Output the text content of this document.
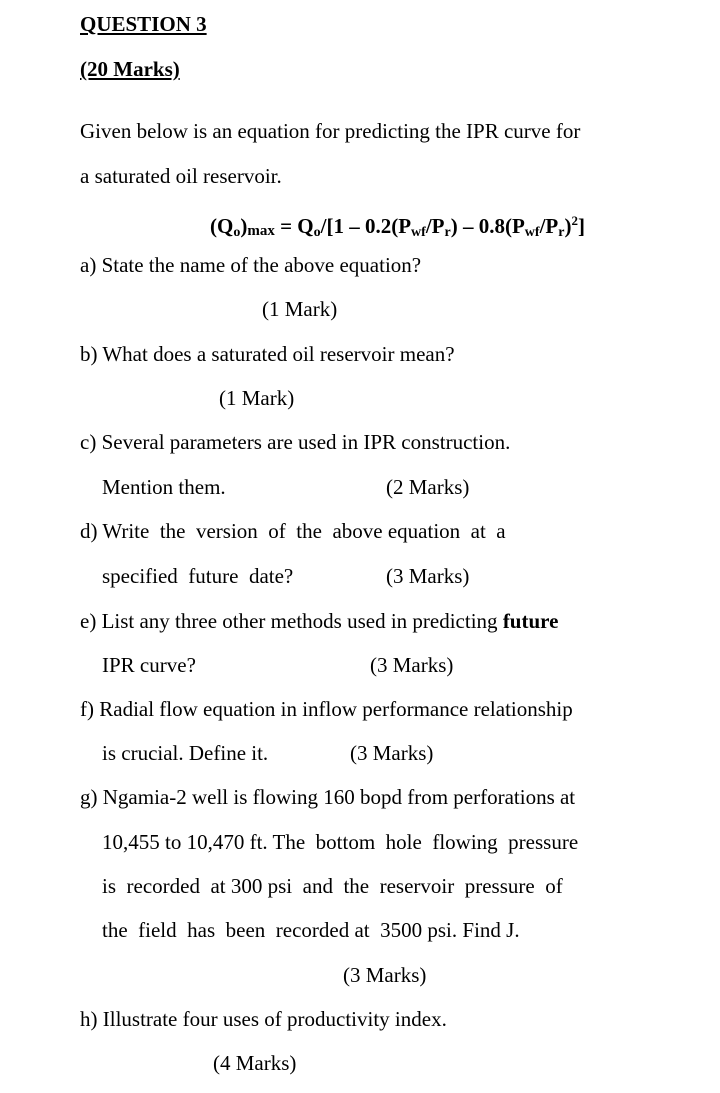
QUESTION 3
(20 Marks)
Given below is an equation for predicting the IPR curve for
a saturated oil reservoir.
$(Q_o)_{max} = Q_o/[1 - 0.2(P_{wf}/P_r) - 0.8(P_{wf}/P_r)^2]$
a) State the name of the above equation?
(1 Mark)
b) What does a saturated oil reservoir mean?
(1 Mark)
c) Several parameters are used in IPR construction.
Mention them.	(2 Marks)
d) Write  the  version  of  the  above equation  at  a
specified  future  date?	(3 Marks)
e) List any three other methods used in predicting future
IPR curve?	(3 Marks)
f) Radial flow equation in inflow performance relationship
is crucial. Define it.	(3 Marks)
g) Ngamia-2 well is flowing 160 bopd from perforations at
10,455 to 10,470 ft. The  bottom  hole  flowing  pressure
is  recorded  at 300 psi  and  the  reservoir  pressure  of
the  field  has  been  recorded at  3500 psi. Find J.
(3 Marks)
h) Illustrate four uses of productivity index.
(4 Marks)
